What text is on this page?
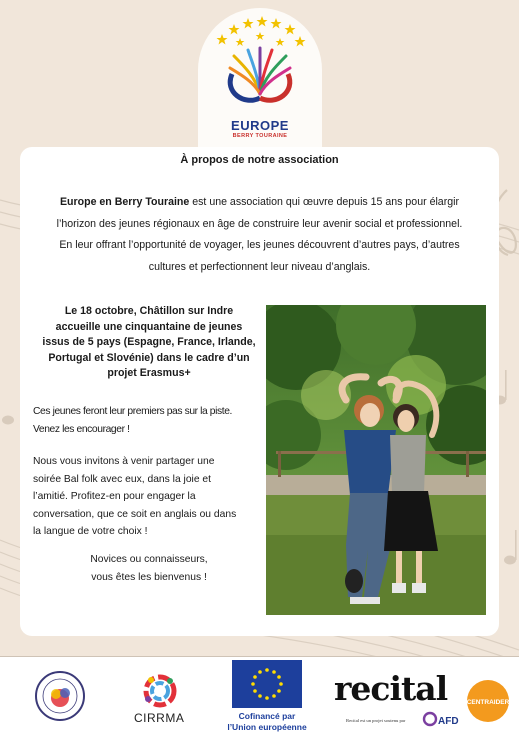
EUROPE
BERRY TOURAINE
À propos de notre association
Europe en Berry Touraine est une association qui œuvre depuis 15 ans pour élargir
l’horizon des jeunes régionaux en âge de construire leur avenir social et professionnel.
En leur offrant l’opportunité de voyager, les jeunes découvrent d’autres pays, d’autres
cultures et perfectionnent leur niveau d’anglais.
Le 18 octobre, Châtillon sur Indre
accueille une cinquantaine de jeunes
issus de 5 pays (Espagne, France, Irlande,
Portugal et Slovénie) dans le cadre d’un
projet Erasmus+
Ces jeunes feront leur premiers pas sur la piste.
Venez les encourager !
Nous vous invitons à venir partager une
soirée Bal folk avec eux, dans la joie et
l’amitié. Profitez-en pour engager la
conversation, que ce soit en anglais ou dans
la langue de votre choix !
Novices ou connaisseurs,
vous êtes les bienvenus !
CIRRMA	Cofinancé par
l’Union européenne
recital
Recital est un projet soutenu par	AFD
CENTRAIDER
